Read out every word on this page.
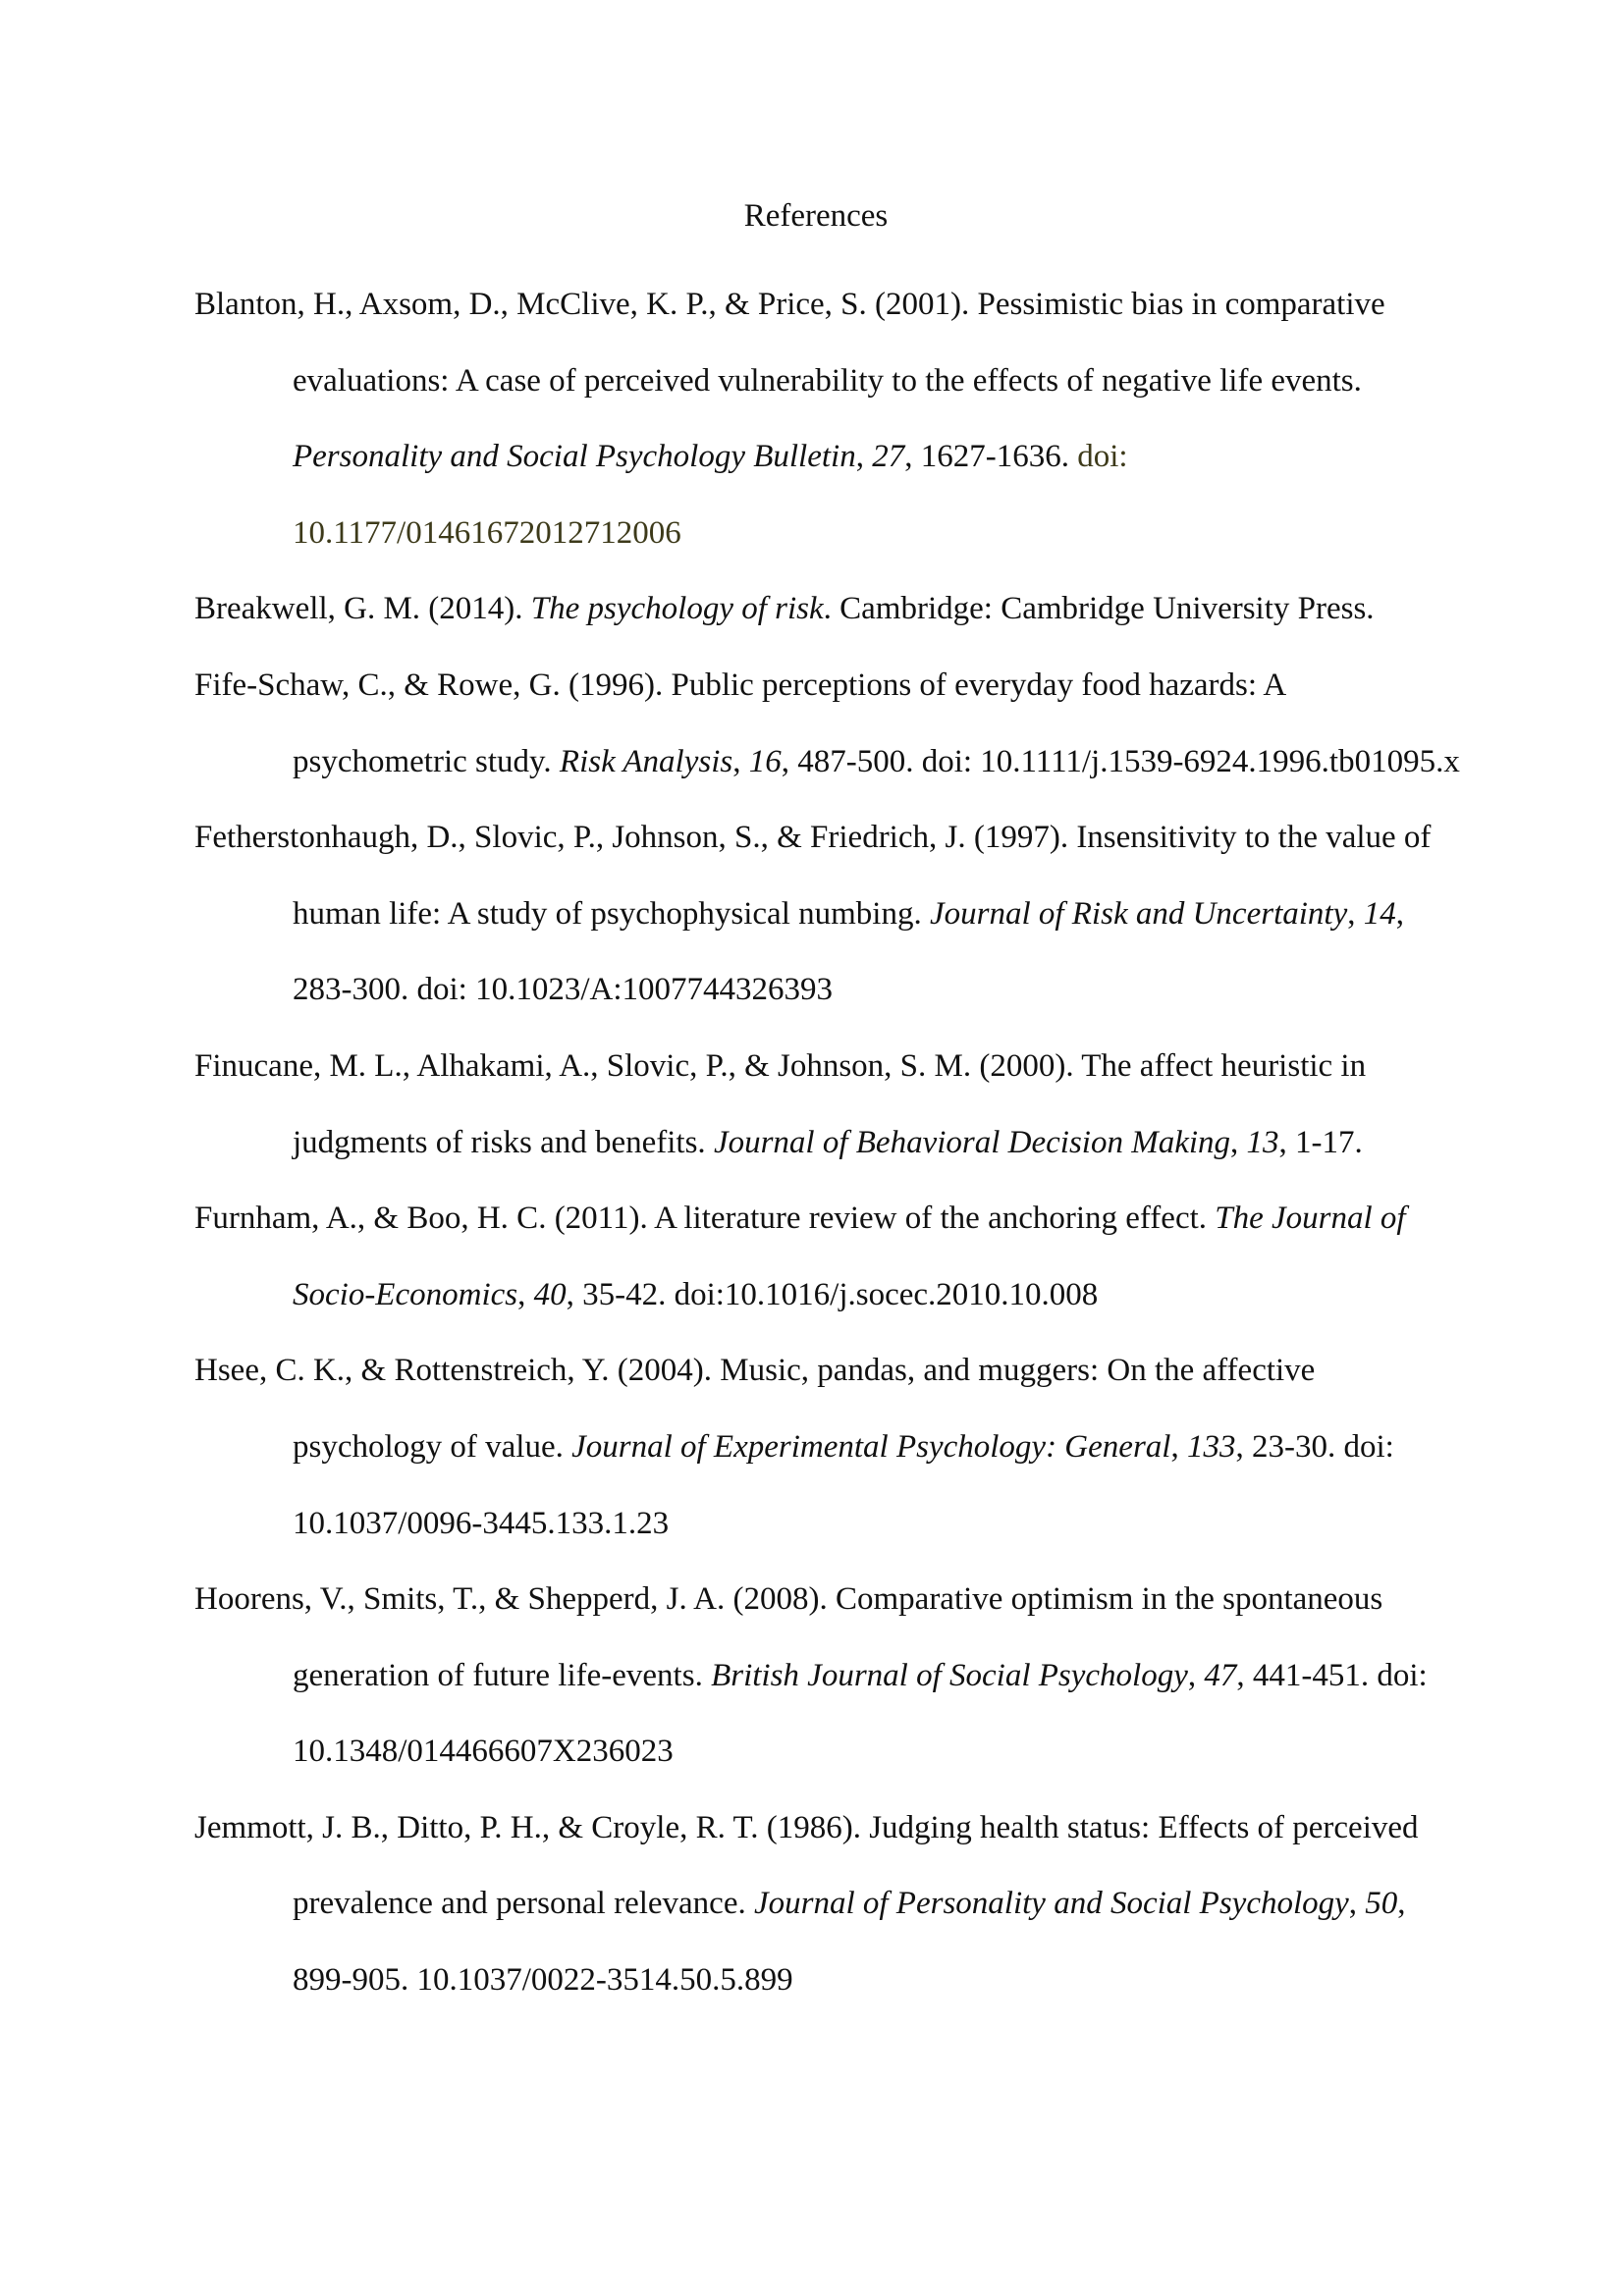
References
Blanton, H., Axsom, D., McClive, K. P., & Price, S. (2001). Pessimistic bias in comparative evaluations: A case of perceived vulnerability to the effects of negative life events. Personality and Social Psychology Bulletin, 27, 1627-1636. doi: 10.1177/01461672012712006
Breakwell, G. M. (2014). The psychology of risk. Cambridge: Cambridge University Press.
Fife-Schaw, C., & Rowe, G. (1996). Public perceptions of everyday food hazards: A psychometric study. Risk Analysis, 16, 487-500. doi: 10.1111/j.1539-6924.1996.tb01095.x
Fetherstonhaugh, D., Slovic, P., Johnson, S., & Friedrich, J. (1997). Insensitivity to the value of human life: A study of psychophysical numbing. Journal of Risk and Uncertainty, 14, 283-300. doi: 10.1023/A:1007744326393
Finucane, M. L., Alhakami, A., Slovic, P., & Johnson, S. M. (2000). The affect heuristic in judgments of risks and benefits. Journal of Behavioral Decision Making, 13, 1-17.
Furnham, A., & Boo, H. C. (2011). A literature review of the anchoring effect. The Journal of Socio-Economics, 40, 35-42. doi:10.1016/j.socec.2010.10.008
Hsee, C. K., & Rottenstreich, Y. (2004). Music, pandas, and muggers: On the affective psychology of value. Journal of Experimental Psychology: General, 133, 23-30. doi: 10.1037/0096-3445.133.1.23
Hoorens, V., Smits, T., & Shepperd, J. A. (2008). Comparative optimism in the spontaneous generation of future life-events. British Journal of Social Psychology, 47, 441-451. doi: 10.1348/014466607X236023
Jemmott, J. B., Ditto, P. H., & Croyle, R. T. (1986). Judging health status: Effects of perceived prevalence and personal relevance. Journal of Personality and Social Psychology, 50, 899-905. 10.1037/0022-3514.50.5.899
